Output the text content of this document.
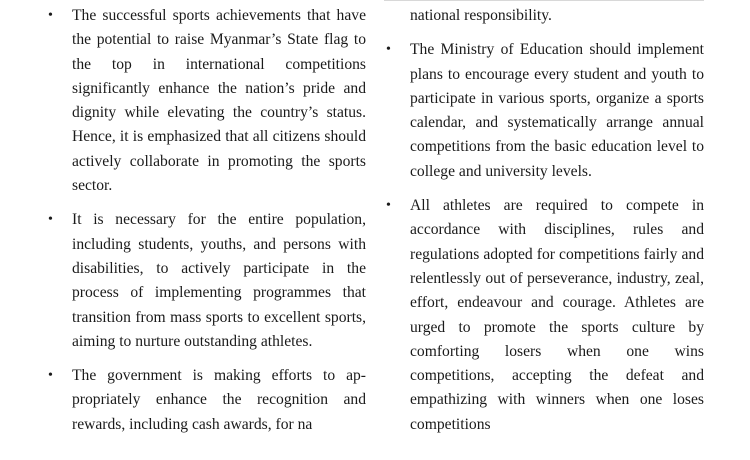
• The successful sports achievements that have the potential to raise Myanmar’s State flag to the top in international competitions significantly enhance the nation’s pride and dignity while elevating the country’s status. Hence, it is emphasized that all citizens should actively collaborate in promoting the sports sector.
• It is necessary for the entire population, including students, youths, and persons with disabilities, to actively participate in the process of implementing programmes that transition from mass sports to excellent sports, aiming to nurture outstanding athletes.
• The government is making efforts to appropriately enhance the recognition and rewards, including cash awards, for na

national responsibility.

• The Ministry of Education should implement plans to encourage every student and youth to participate in various sports, organize a sports calendar, and systematically arrange annual competitions from the basic education level to college and university levels.
• All athletes are required to compete in accordance with disciplines, rules and regulations adopted for competitions fairly and relentlessly out of perseverance, industry, zeal, effort, endeavour and courage. Athletes are urged to promote the sports culture by comforting losers when one wins competitions, accepting the defeat and empathizing with winners when one loses competitions
